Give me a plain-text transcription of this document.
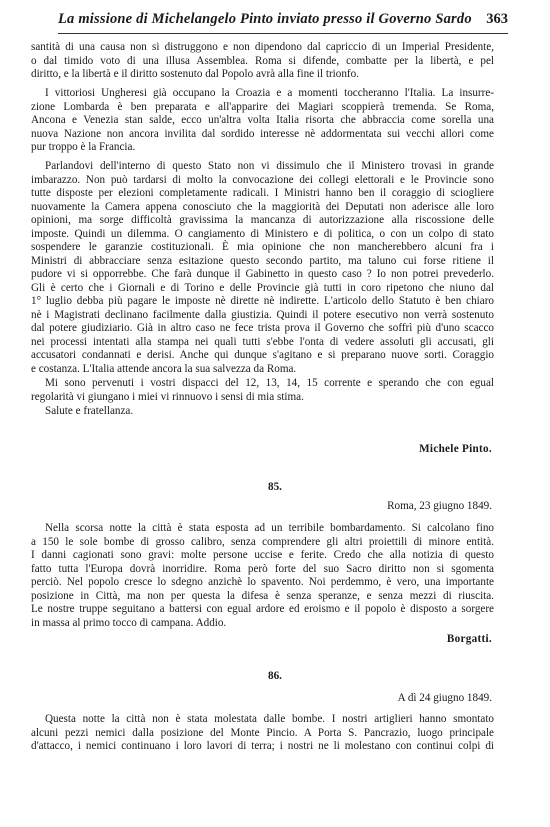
La missione di Michelangelo Pinto inviato presso il Governo Sardo 363
santità di una causa non si distruggono e non dipendono dal capriccio di un Imperial Presidente,
o dal timido voto di una illusa Assemblea. Roma si difende, combatte per la libertà, e pel
diritto, e la libertà e il diritto sostenuto dal Popolo avrà alla fine il trionfo.
I vittoriosi Ungheresi già occupano la Croazia e a momenti toccheranno l'Italia. La insurre-
zione Lombarda è ben preparata e all'apparire dei Magiari scoppierà tremenda. Se Roma,
Ancona e Venezia stan salde, ecco un'altra volta Italia risorta che abbraccia come sorella una
nuova Nazione non ancora invilita dal sordido interesse nè addormentata sui vecchi allori come
pur troppo è la Francia.
Parlandovi dell'interno di questo Stato non vi dissimulo che il Ministero trovasi in grande
imbarazzo. Non può tardarsi di molto la convocazione dei collegi elettorali e le Provincie sono
tutte disposte per elezioni completamente radicali. I Ministri hanno ben il coraggio di sciogliere
nuovamente la Camera appena conosciuto che la maggiorità dei Deputati non aderisce alle loro
opinioni, ma sorge difficoltà gravissima la mancanza di autorizzazione alla riscossione delle
imposte. Quindi un dilemma. O cangiamento di Ministero e di politica, o con un colpo di stato
sospendere le garanzie costituzionali. È mia opinione che non mancherebbero alcuni fra i
Ministri di abbracciare senza esitazione questo secondo partito, ma taluno cui forse ritiene il
pudore vi si opporrebbe. Che farà dunque il Gabinetto in questo caso ? Io non potrei prevederlo.
Gli è certo che i Giornali e di Torino e delle Provincie già tutti in coro ripetono che niuno dal
1° luglio debba più pagare le imposte nè dirette nè indirette. L'articolo dello Statuto è ben chiaro
nè i Magistrati declinano facilmente dalla giustizia. Quindi il potere esecutivo non verrà sostenuto
dal potere giudiziario. Già in altro caso ne fece trista prova il Governo che soffrì più d'uno scacco
nei processi intentati alla stampa nei quali tutti s'ebbe l'onta di vedere assoluti gli accusati, gli
accusatori condannati e derisi. Anche qui dunque s'agitano e si preparano nuove sorti. Coraggio
e costanza. L'Italia attende ancora la sua salvezza da Roma.
Mi sono pervenuti i vostri dispacci del 12, 13, 14, 15 corrente e sperando che con egual
regolarità vi giungano i miei vi rinnuovo i sensi di mia stima.
Salute e fratellanza.
Michele Pinto.
85.
Roma, 23 giugno 1849.
Nella scorsa notte la città è stata esposta ad un terribile bombardamento. Si calcolano fino
a 150 le sole bombe di grosso calibro, senza comprendere gli altri proiettili di minore entità.
I danni cagionati sono gravi: molte persone uccise e ferite. Credo che alla notizia di questo
fatto tutta l'Europa dovrà inorridire. Roma però forte del suo Sacro diritto non si sgomenta
perciò. Nel popolo cresce lo sdegno anzichè lo spavento. Noi perdemmo, è vero, una importante
posizione in Città, ma non per questa la difesa è senza speranze, e senza mezzi di riuscita.
Le nostre truppe seguitano a battersi con egual ardore ed eroismo e il popolo è disposto a sorgere
in massa al primo tocco di campana. Addio.
Borgatti.
86.
A dì 24 giugno 1849.
Questa notte la città non è stata molestata dalle bombe. I nostri artiglieri hanno smontato
alcuni pezzi nemici dalla posizione del Monte Pincio. A Porta S. Pancrazio, luogo principale
d'attacco, i nemici continuano i loro lavori di terra; i nostri ne li molestano con continui colpi di
